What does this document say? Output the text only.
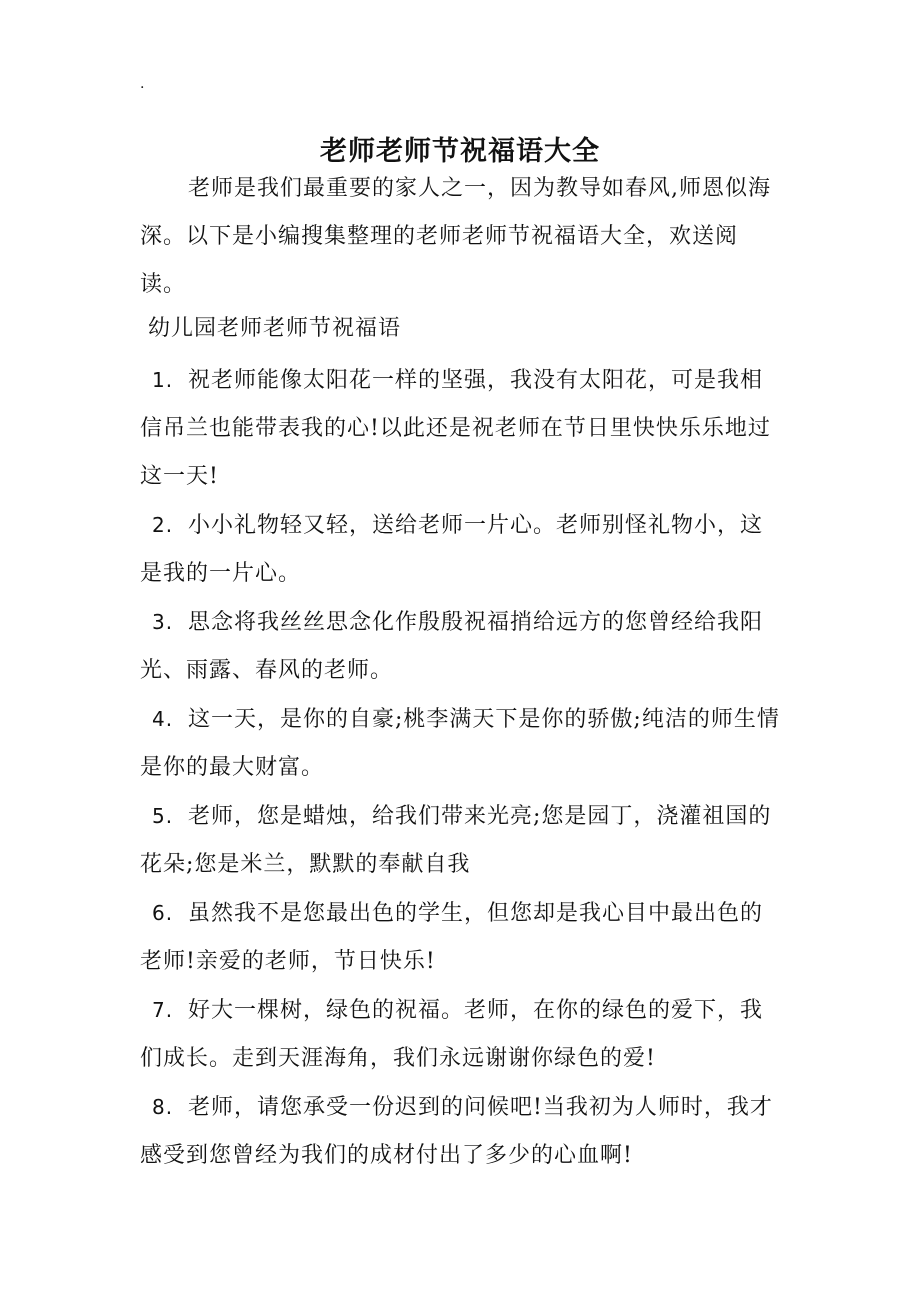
.
老师老师节祝福语大全

老师是我们最重要的家人之一，因为教导如春风,师恩似海深。以下是小编搜集整理的老师老师节祝福语大全，欢送阅读。

幼儿园老师老师节祝福语

1. 祝老师能像太阳花一样的坚强，我没有太阳花，可是我相信吊兰也能带表我的心!以此还是祝老师在节日里快快乐乐地过这一天!
2. 小小礼物轻又轻，送给老师一片心。老师别怪礼物小，这是我的一片心。
3. 思念将我丝丝思念化作殷殷祝福捎给远方的您曾经给我阳光、雨露、春风的老师。
4. 这一天，是你的自豪;桃李满天下是你的骄傲;纯洁的师生情是你的最大财富。
5. 老师，您是蜡烛，给我们带来光亮;您是园丁，浇灌祖国的花朵;您是米兰，默默的奉献自我
6. 虽然我不是您最出色的学生，但您却是我心目中最出色的老师!亲爱的老师，节日快乐!
7. 好大一棵树，绿色的祝福。老师，在你的绿色的爱下，我们成长。走到天涯海角，我们永远谢谢你绿色的爱!
8. 老师，请您承受一份迟到的问候吧!当我初为人师时，我才感受到您曾经为我们的成材付出了多少的心血啊!
